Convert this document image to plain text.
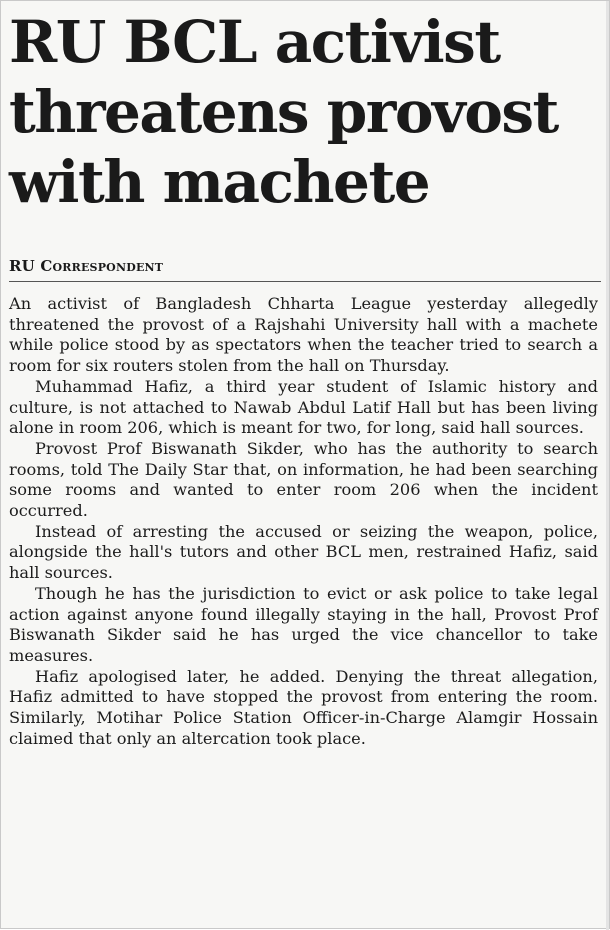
RU BCL activist threatens provost with machete
RU Correspondent

An activist of Bangladesh Chharta League yesterday allegedly threatened the provost of a Rajshahi University hall with a machete while police stood by as spectators when the teacher tried to search a room for six routers stolen from the hall on Thursday.

Muhammad Hafiz, a third year student of Islamic history and culture, is not attached to Nawab Abdul Latif Hall but has been living alone in room 206, which is meant for two, for long, said hall sources.

Provost Prof Biswanath Sikder, who has the authority to search rooms, told The Daily Star that, on information, he had been searching some rooms and wanted to enter room 206 when the incident occurred.

Instead of arresting the accused or seizing the weapon, police, alongside the hall's tutors and other BCL men, restrained Hafiz, said hall sources.

Though he has the jurisdiction to evict or ask police to take legal action against anyone found illegally staying in the hall, Provost Prof Biswanath Sikder said he has urged the vice chancellor to take measures.

Hafiz apologised later, he added. Denying the threat allegation, Hafiz admitted to have stopped the provost from entering the room. Similarly, Motihar Police Station Officer-in-Charge Alamgir Hossain claimed that only an altercation took place.
